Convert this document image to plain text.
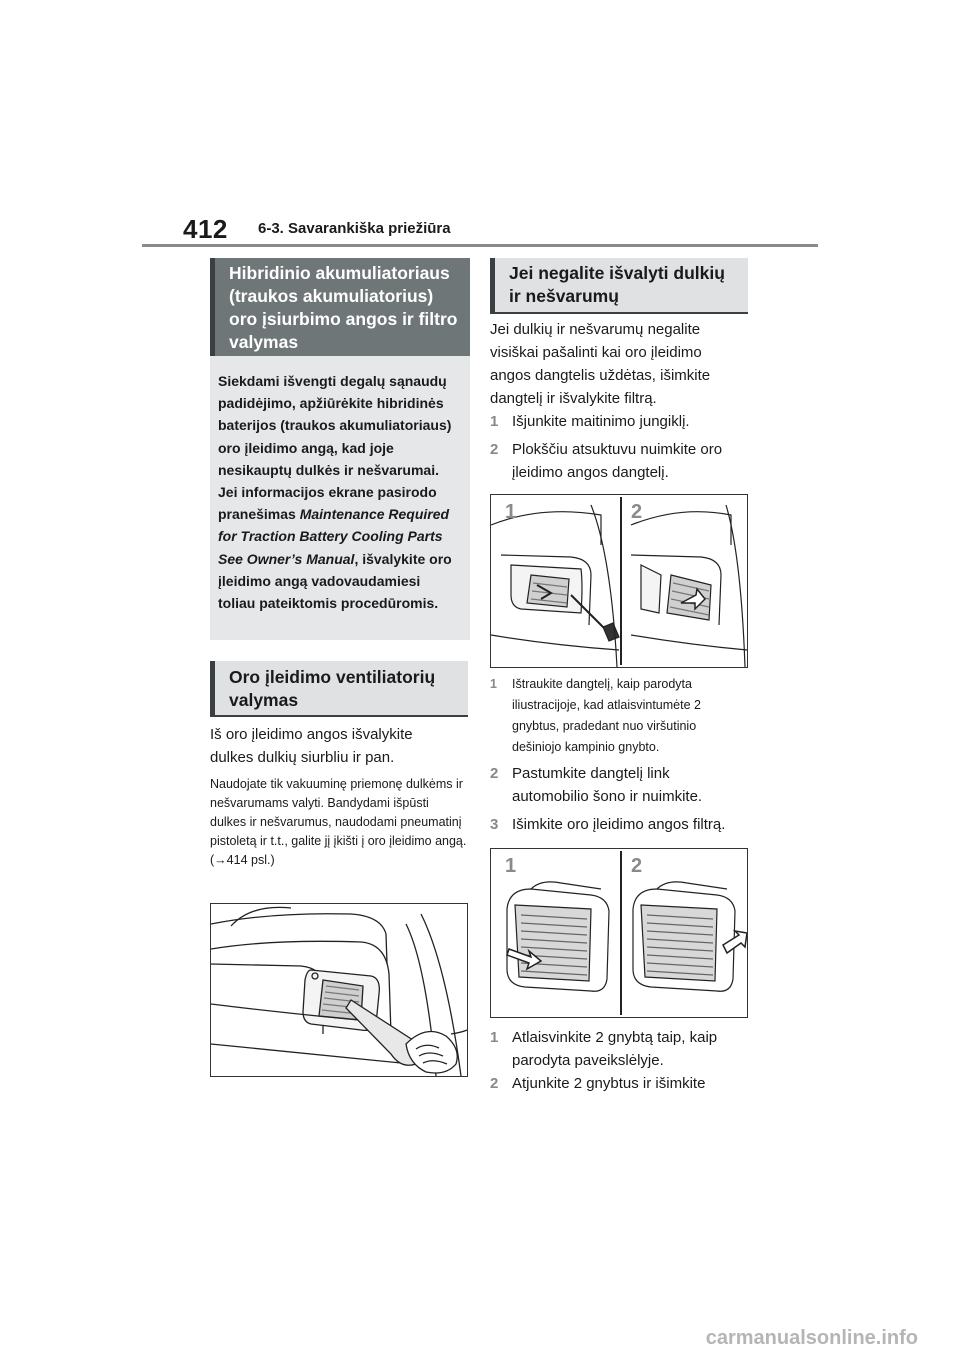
412 6-3. Savarankiška priežiūra
Hibridinio akumuliatoriaus (traukos akumuliatorius) oro įsiurbimo angos ir filtro valymas
Siekdami išvengti degalų sąnaudų padidėjimo, apžiūrėkite hibridinės baterijos (traukos akumuliatoriaus) oro įleidimo angą, kad joje nesikauptų dulkės ir nešvarumai. Jei informacijos ekrane pasirodo pranešimas Maintenance Required for Traction Battery Cooling Parts See Owner’s Manual, išvalykite oro įleidimo angą vadovaudamiesi toliau pateiktomis procedūromis.
Oro įleidimo ventiliatorių valymas
Iš oro įleidimo angos išvalykite dulkes dulkių siurbliu ir pan.
Naudojate tik vakuuminę priemonę dulkėms ir nešvarumams valyti. Bandydami išpūsti dulkes ir nešvarumus, naudodami pneumatinį pistoletą ir t.t., galite jį įkišti į oro įleidimo angą. (→414 psl.)
Jei negalite išvalyti dulkių ir nešvarumų
Jei dulkių ir nešvarumų negalite visiškai pašalinti kai oro įleidimo angos dangtelis uždėtas, išimkite dangtelį ir išvalykite filtrą.
1 Išjunkite maitinimo jungiklį.
2 Plokščiu atsuktuvu nuimkite oro įleidimo angos dangtelį.
1	2
1 Ištraukite dangtelį, kaip parodyta iliustracijoje, kad atlaisvintumėte 2 gnybtus, pradedant nuo viršutinio dešiniojo kampinio gnybto.
2 Pastumkite dangtelį link automobilio šono ir nuimkite.
3 Išimkite oro įleidimo angos filtrą.
1	2
1 Atlaisvinkite 2 gnybtą taip, kaip parodyta paveikslėlyje.
2 Atjunkite 2 gnybtus ir išimkite
carmanualsonline.info
